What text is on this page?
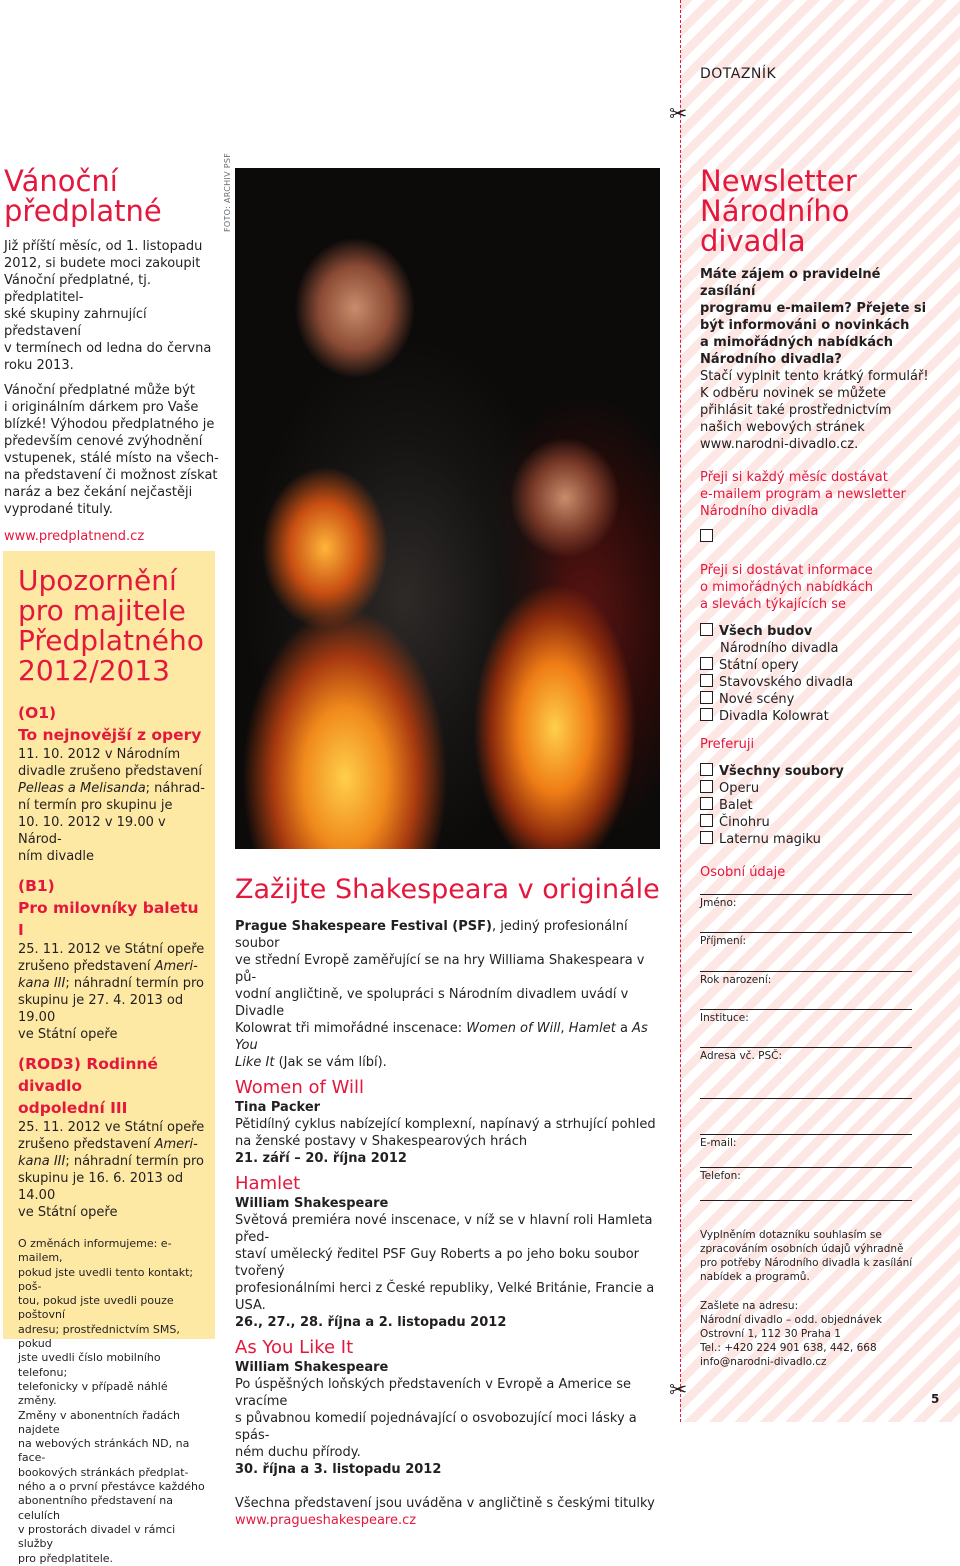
✂
✂
DOTAZNÍK
5
Vánoční
předplatné

Již příští měsíc, od 1. listopadu
2012, si budete moci zakoupit
Vánoční předplatné, tj. předplatitel-
ské skupiny zahrnující představení
v termínech od ledna do června
roku 2013.

Vánoční předplatné může být
i originálním dárkem pro Vaše
blízké! Výhodou předplatného je
především cenové zvýhodnění
vstupenek, stálé místo na všech-
na představení či možnost získat
naráz a bez čekání nejčastěji
vyprodané tituly.

www.predplatnend.cz

Upozornění
pro majitele
Předplatného
2012/2013
(O1)
To nejnovější z opery

11. 10. 2012 v Národním
divadle zrušeno představení
Pelleas a Melisanda; náhrad-
ní termín pro skupinu je
10. 10. 2012 v 19.00 v Národ-
ním divadle

(B1)
Pro milovníky baletu I

25. 11. 2012 ve Státní opeře
zrušeno představení Ameri-
kana III; náhradní termín pro
skupinu je 27. 4. 2013 od 19.00
ve Státní opeře

(ROD3) Rodinné divadlo
odpolední III

25. 11. 2012 ve Státní opeře
zrušeno představení Ameri-
kana III; náhradní termín pro
skupinu je 16. 6. 2013 od 14.00
ve Státní opeře

O změnách informujeme: e-mailem,
pokud jste uvedli tento kontakt; poš-
tou, pokud jste uvedli pouze poštovní
adresu; prostřednictvím SMS, pokud
jste uvedli číslo mobilního telefonu;
telefonicky v případě náhlé změny.
Změny v abonentních řadách najdete
na webových stránkách ND, na face-
bookových stránkách předplat-
ného a o první přestávce každého
abonentního představení na celulích
v prostorách divadel v rámci služby
pro předplatitele.

FOTO: ARCHIV PSF
Zažijte Shakespeara v originále

Prague Shakespeare Festival (PSF), jediný profesionální soubor
ve střední Evropě zaměřující se na hry Williama Shakespeara v pů-
vodní angličtině, ve spolupráci s Národním divadlem uvádí v Divadle
Kolowrat tři mimořádné inscenace: Women of Will, Hamlet a As You
Like It (Jak se vám líbí).

Women of Will

Tina Packer
Pětidílný cyklus nabízející komplexní, napínavý a strhující pohled
na ženské postavy v Shakespearových hrách
21. září – 20. října 2012

Hamlet

William Shakespeare
Světová premiéra nové inscenace, v níž se v hlavní roli Hamleta před-
staví umělecký ředitel PSF Guy Roberts a po jeho boku soubor tvořený
profesionálními herci z České republiky, Velké Británie, Francie a USA.
26., 27., 28. října a 2. listopadu 2012

As You Like It

William Shakespeare
Po úspěšných loňských představeních v Evropě a Americe se vracíme
s půvabnou komedií pojednávající o osvobozující moci lásky a spás-
ném duchu přírody.
30. října a 3. listopadu 2012

Všechna představení jsou uváděna v angličtině s českými titulky
www.pragueshakespeare.cz

Newsletter
Národního
divadla

Máte zájem o pravidelné zasílání
programu e-mailem? Přejete si
být informováni o novinkách
a mimořádných nabídkách
Národního divadla?

Stačí vyplnit tento krátký formulář!
K odběru novinek se můžete
přihlásit také prostřednictvím
našich webových stránek
www.narodni-divadlo.cz.

Přeji si každý měsíc dostávat
e-mailem program a newsletter
Národního divadla

Přeji si dostávat informace
o mimořádných nabídkách
a slevách týkajících se

Všech budov
Národního divadla
Státní opery
Stavovského divadla
Nové scény
Divadla Kolowrat
Preferuji
Všechny soubory
Operu
Balet
Činohru
Laternu magiku
Osobní údaje
Jméno:
Příjmení:
Rok narození:
Instituce:
Adresa vč. PSČ:
E-mail:
Telefon:

Vyplněním dotazníku souhlasím se
zpracováním osobních údajů výhradně
pro potřeby Národního divadla k zasílání
nabídek a programů.

Zašlete na adresu:
Národní divadlo – odd. objednávek
Ostrovní 1, 112 30 Praha 1
Tel.: +420 224 901 638, 442, 668
info@narodni-divadlo.cz
